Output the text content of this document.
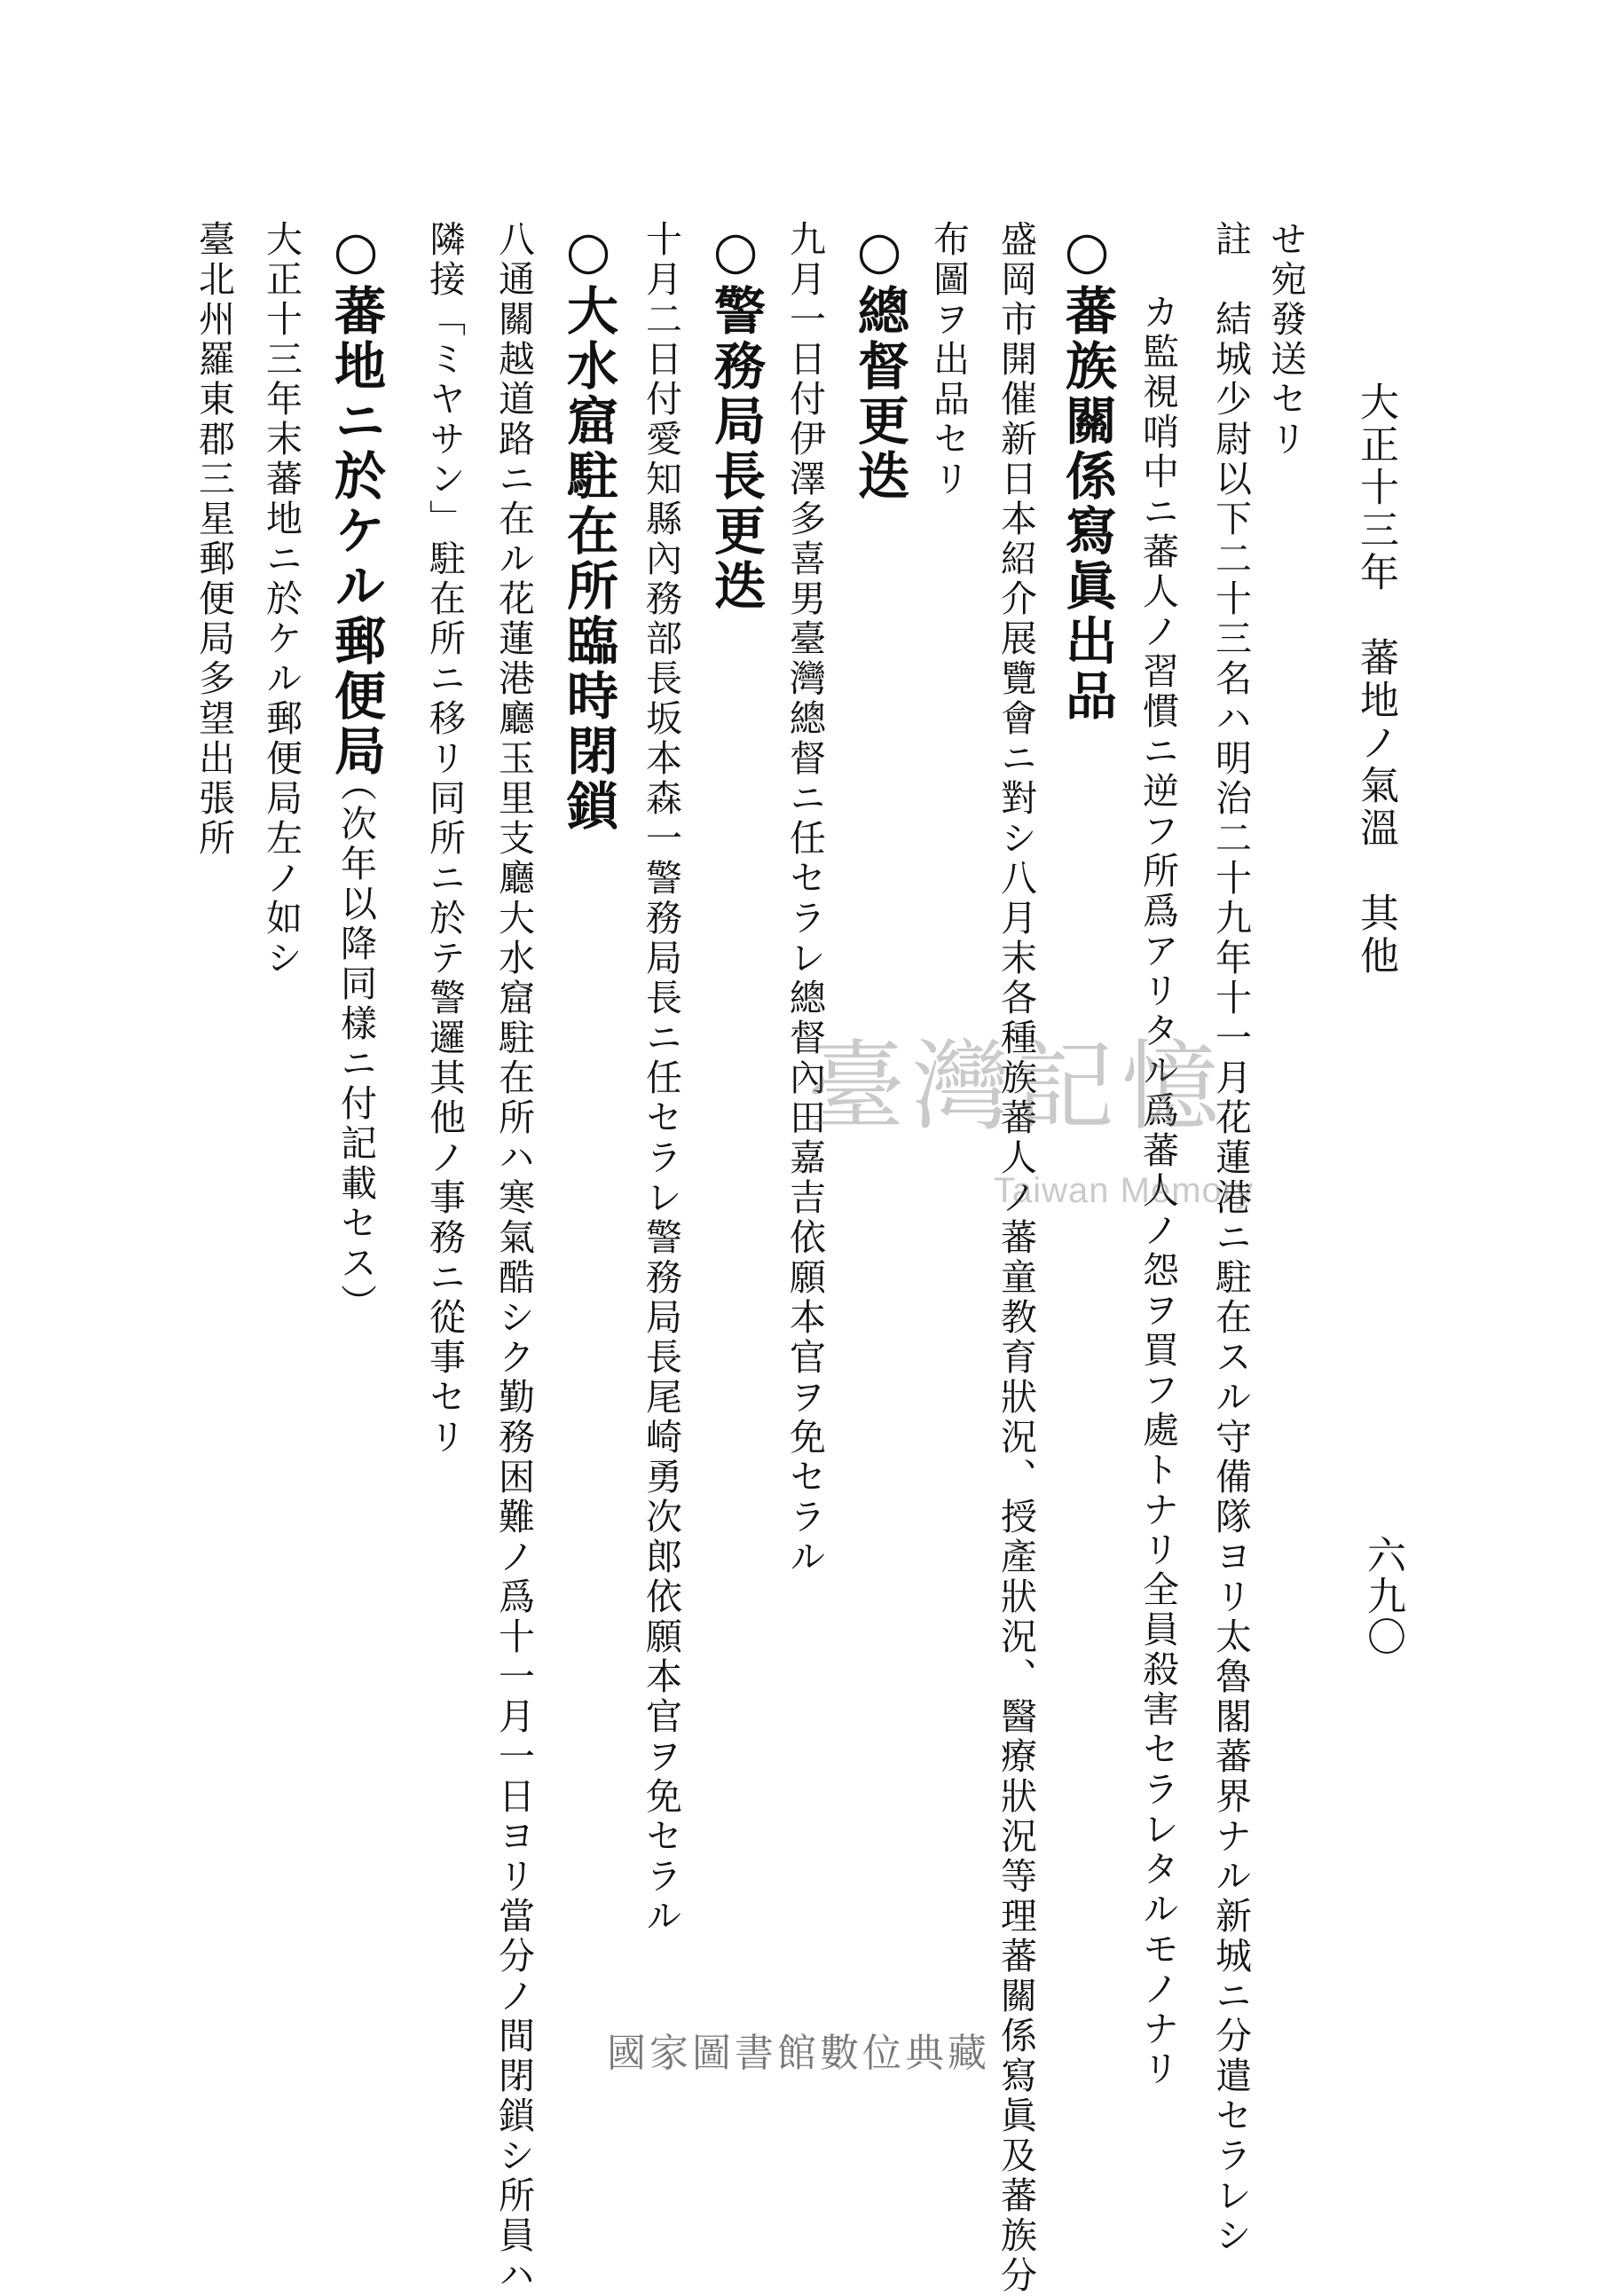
大正十三年　蕃地ノ氣溫　其他
六九〇
せ宛發送セリ
註　結城少尉以下二十三名ハ明治二十九年十一月花蓮港ニ駐在スル守備隊ヨリ太魯閣蕃界ナル新城ニ分遣セラレシ
カ監視哨中ニ蕃人ノ習慣ニ逆フ所爲アリタル爲蕃人ノ怨ヲ買フ處トナリ全員殺害セラレタルモノナリ
○蕃族關係寫眞出品
盛岡市開催新日本紹介展覽會ニ對シ八月末各種族蕃人ノ蕃童教育狀況、授產狀況、醫療狀況等理蕃關係寫眞及蕃族分
布圖ヲ出品セリ
○總督更迭
九月一日付伊澤多喜男臺灣總督ニ任セラレ總督內田嘉吉依願本官ヲ免セラル
○警務局長更迭
十月二日付愛知縣內務部長坂本森一警務局長ニ任セラレ警務局長尾崎勇次郎依願本官ヲ免セラル
○大水窟駐在所臨時閉鎖
八通關越道路ニ在ル花蓮港廳玉里支廳大水窟駐在所ハ寒氣酷シク勤務困難ノ爲十一月一日ヨリ當分ノ間閉鎖シ所員ハ
隣接「ミヤサン」駐在所ニ移リ同所ニ於テ警邏其他ノ事務ニ從事セリ
○蕃地ニ於ケル郵便局
（次年以降同樣ニ付記載セス）
大正十三年末蕃地ニ於ケル郵便局左ノ如シ
臺北州羅東郡三星郵便局多望出張所
臺灣記憶
Taiwan Memory
國家圖書館數位典藏
